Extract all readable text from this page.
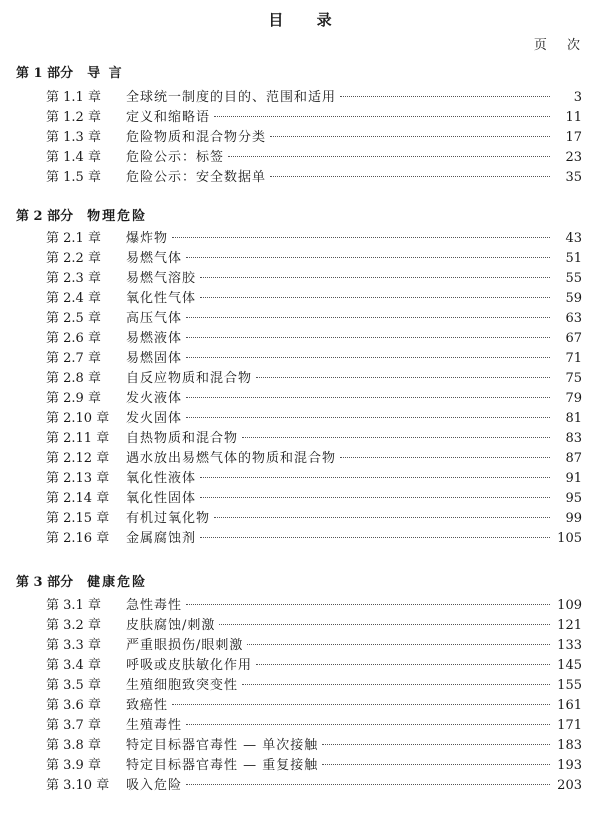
目 录
页 次
第 1 部分 导 言
第 1.1 章	全球统一制度的目的、范围和适用	3
第 1.2 章	定义和缩略语	11
第 1.3 章	危险物质和混合物分类	17
第 1.4 章	危险公示：标签	23
第 1.5 章	危险公示：安全数据单	35
第 2 部分 物理危险
第 2.1 章	爆炸物	43
第 2.2 章	易燃气体	51
第 2.3 章	易燃气溶胶	55
第 2.4 章	氧化性气体	59
第 2.5 章	高压气体	63
第 2.6 章	易燃液体	67
第 2.7 章	易燃固体	71
第 2.8 章	自反应物质和混合物	75
第 2.9 章	发火液体	79
第 2.10 章	发火固体	81
第 2.11 章	自热物质和混合物	83
第 2.12 章	遇水放出易燃气体的物质和混合物	87
第 2.13 章	氧化性液体	91
第 2.14 章	氧化性固体	95
第 2.15 章	有机过氧化物	99
第 2.16 章	金属腐蚀剂	105
第 3 部分 健康危险
第 3.1 章	急性毒性	109
第 3.2 章	皮肤腐蚀/刺激	121
第 3.3 章	严重眼损伤/眼刺激	133
第 3.4 章	呼吸或皮肤敏化作用	145
第 3.5 章	生殖细胞致突变性	155
第 3.6 章	致癌性	161
第 3.7 章	生殖毒性	171
第 3.8 章	特定目标器官毒性 — 单次接触	183
第 3.9 章	特定目标器官毒性 — 重复接触	193
第 3.10 章	吸入危险	203
